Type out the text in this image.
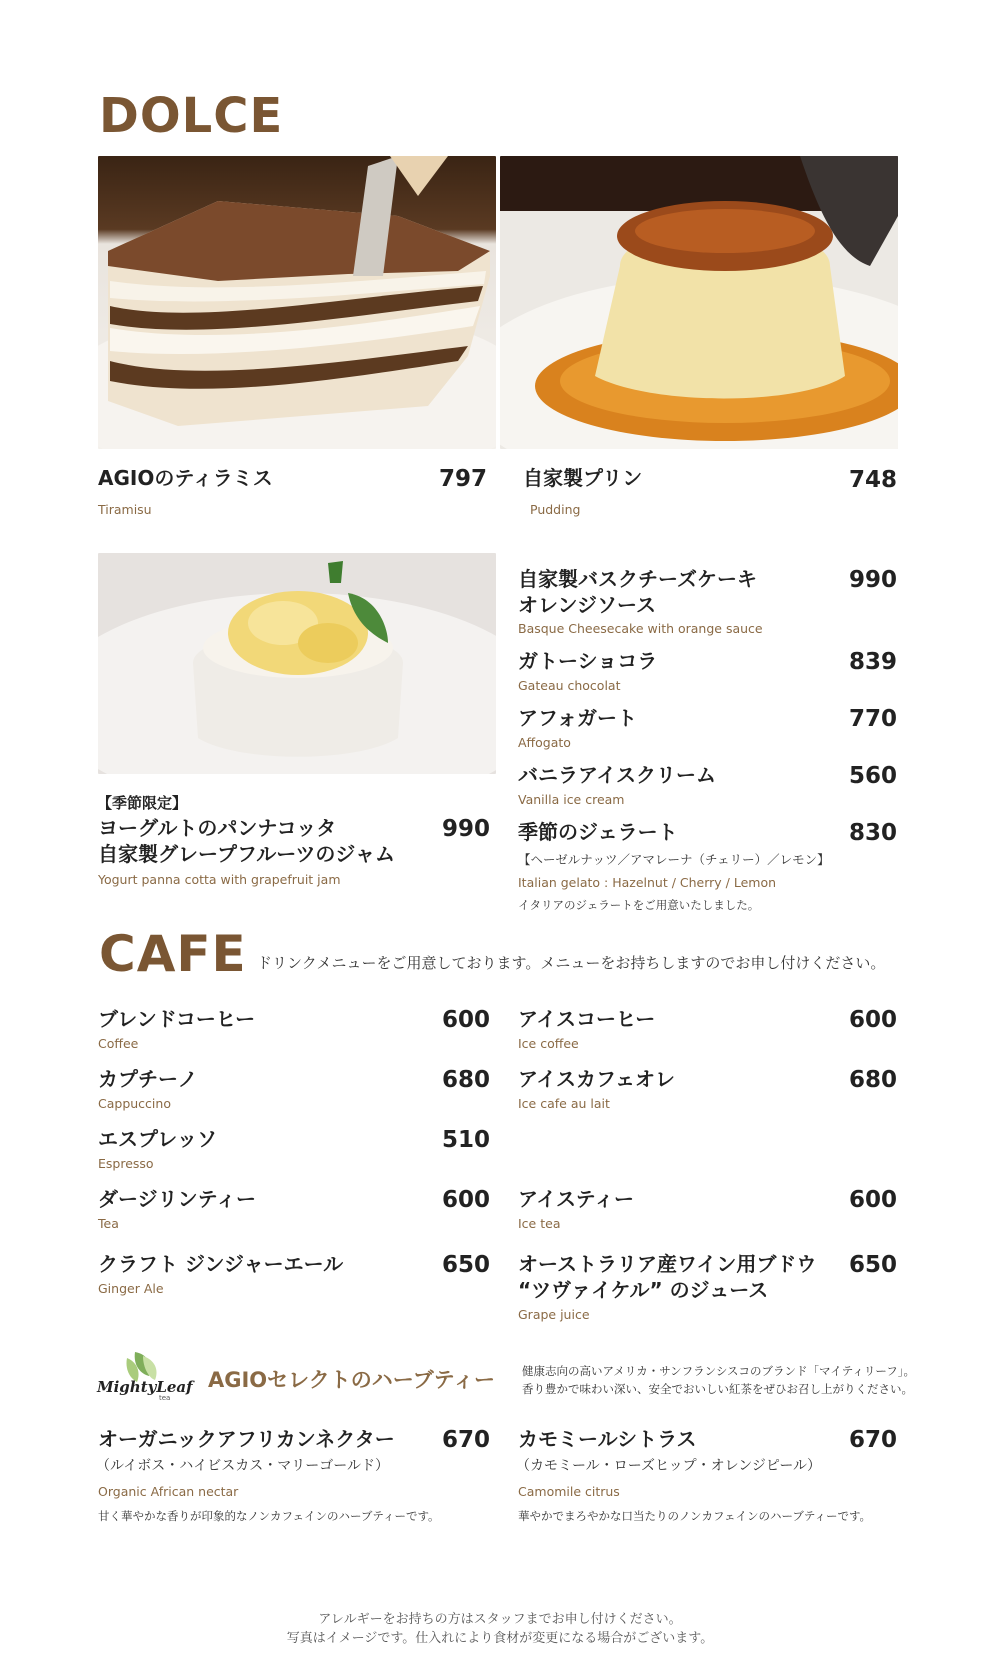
DOLCE
AGIOのティラミス	797
Tiramisu
自家製プリン	748
Pudding
【季節限定】
ヨーグルトのパンナコッタ
自家製グレープフルーツのジャム
990
Yogurt panna cotta with grapefruit jam
自家製バスクチーズケーキ
オレンジソース
990
Basque Cheesecake with orange sauce
ガトーショコラ	839
Gateau chocolat
アフォガート	770
Affogato
バニラアイスクリーム	560
Vanilla ice cream
季節のジェラート	830
【ヘーゼルナッツ／アマレーナ（チェリー）／レモン】
Italian gelato : Hazelnut / Cherry / Lemon
イタリアのジェラートをご用意いたしました。
CAFE ドリンクメニューをご用意しております。メニューをお持ちしますのでお申し付けください。
ブレンドコーヒー	600
Coffee
カプチーノ	680
Cappuccino
エスプレッソ	510
Espresso
ダージリンティー	600
Tea
クラフト ジンジャーエール	650
Ginger Ale
アイスコーヒー	600
Ice coffee
アイスカフェオレ	680
Ice cafe au lait
アイスティー	600
Ice tea
オーストラリア産ワイン用ブドウ
“ツヴァイケル” のジュース
650
Grape juice
MightyLeaf
tea
AGIOセレクトのハーブティー 健康志向の高いアメリカ・サンフランシスコのブランド「マイティリーフ」。
香り豊かで味わい深い、安全でおいしい紅茶をぜひお召し上がりください。
オーガニックアフリカンネクター	670
（ルイボス・ハイビスカス・マリーゴールド）
Organic African nectar
甘く華やかな香りが印象的なノンカフェインのハーブティーです。
カモミールシトラス	670
（カモミール・ローズヒップ・オレンジピール）
Camomile citrus
華やかでまろやかな口当たりのノンカフェインのハーブティーです。
アレルギーをお持ちの方はスタッフまでお申し付けください。
写真はイメージです。仕入れにより食材が変更になる場合がございます。
